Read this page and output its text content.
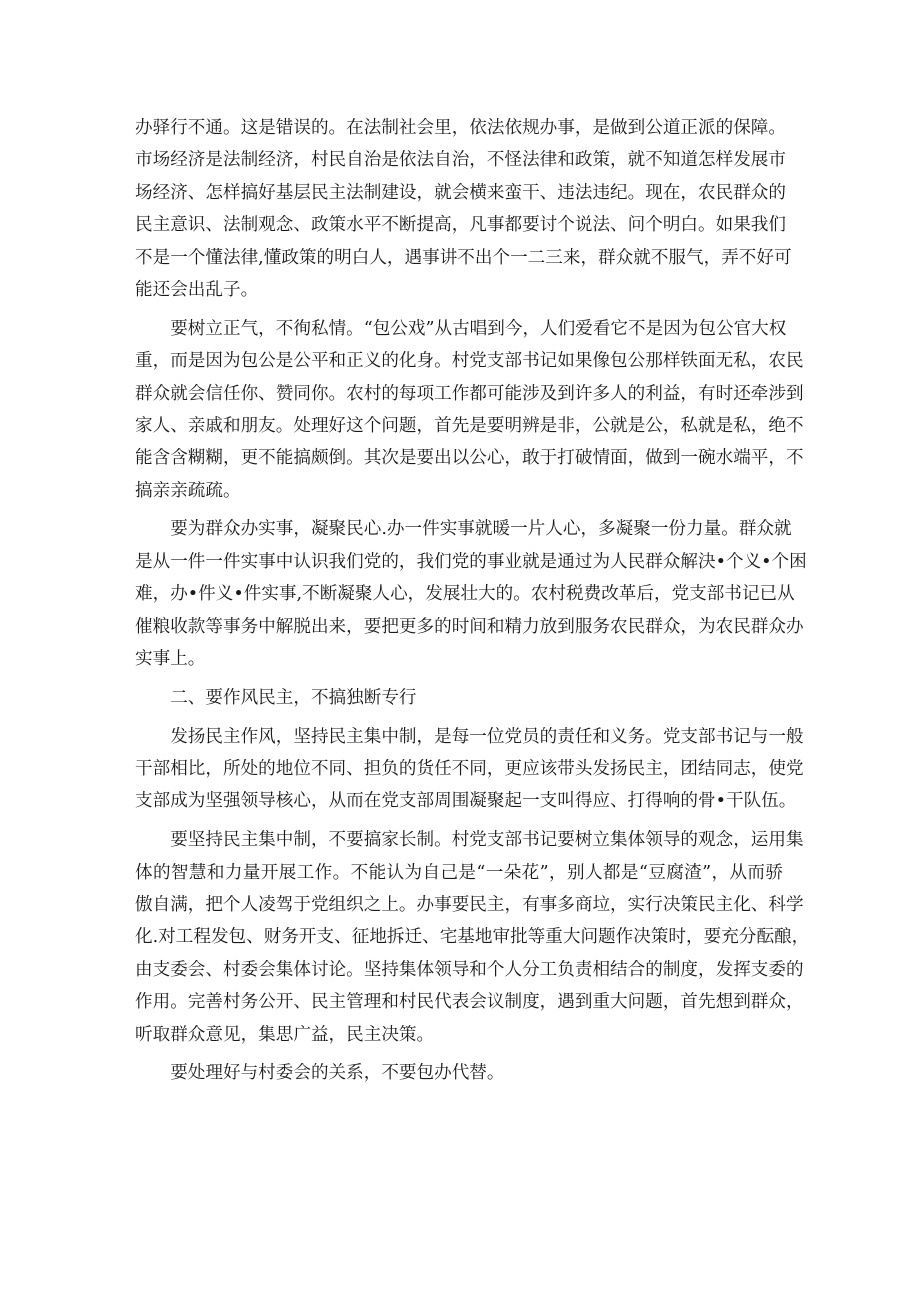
办驿行不通。这是错误的。在法制社会里，依法依规办事，是做到公道正派的保障。
市场经济是法制经济，村民自治是依法自治，不怪法律和政策，就不知道怎样发展市
场经济、怎样搞好基层民主法制建设，就会横来蛮干、违法违纪。现在，农民群众的
民主意识、法制观念、政策水平不断提高，凡事都要讨个说法、问个明白。如果我们
不是一个懂法律,懂政策的明白人，遇事讲不出个一二三来，群众就不服气，弄不好可
能还会出乱子。
要树立正气，不徇私情。“包公戏”从古唱到今，人们爱看它不是因为包公官大权
重，而是因为包公是公平和正义的化身。村党支部书记如果像包公那样铁面无私，农民
群众就会信任你、赞同你。农村的每项工作都可能涉及到许多人的利益，有时还牵涉到
家人、亲戚和朋友。处理好这个问题，首先是要明辨是非，公就是公，私就是私，绝不
能含含糊糊，更不能搞颇倒。其次是要出以公心，敢于打破情面，做到一碗水端平，不
搞亲亲疏疏。
要为群众办实事，凝聚民心.办一件实事就暖一片人心，多凝聚一份力量。群众就
是从一件一件实事中认识我们党的，我们党的事业就是通过为人民群众解決•个义•个困
难，办•件义•件实事,不断凝聚人心，发展壮大的。农村税费改革后，党支部书记已从
催粮收款等事务中解脱出来，要把更多的时间和精力放到服务农民群众，为农民群众办
实事上。
二、要作风民主，不搞独断专行
发扬民主作风，坚持民主集中制，是每一位党员的责任和义务。党支部书记与一般
干部相比，所处的地位不同、担负的货任不同，更应该带头发扬民主，团结同志，使党
支部成为坚强领导核心，从而在党支部周围凝聚起一支叫得应、打得响的骨•干队伍。
要坚持民主集中制，不要搞家长制。村党支部书记要树立集体领导的观念，运用集
体的智慧和力量开展工作。不能认为自己是“一朵花”，别人都是“豆腐渣”，从而骄
傲自满，把个人凌驾于党组织之上。办事要民主，有事多商垃，实行决策民主化、科学
化.对工程发包、财务开支、征地拆迁、宅基地审批等重大问题作决策时，要充分酝酿，
由支委会、村委会集体讨论。坚持集体领导和个人分工负责相结合的制度，发挥支委的
作用。完善村务公开、民主管理和村民代表会议制度，遇到重大问题，首先想到群众，
听取群众意见，集思广益，民主决策。
要处理好与村委会的关系，不要包办代替。
